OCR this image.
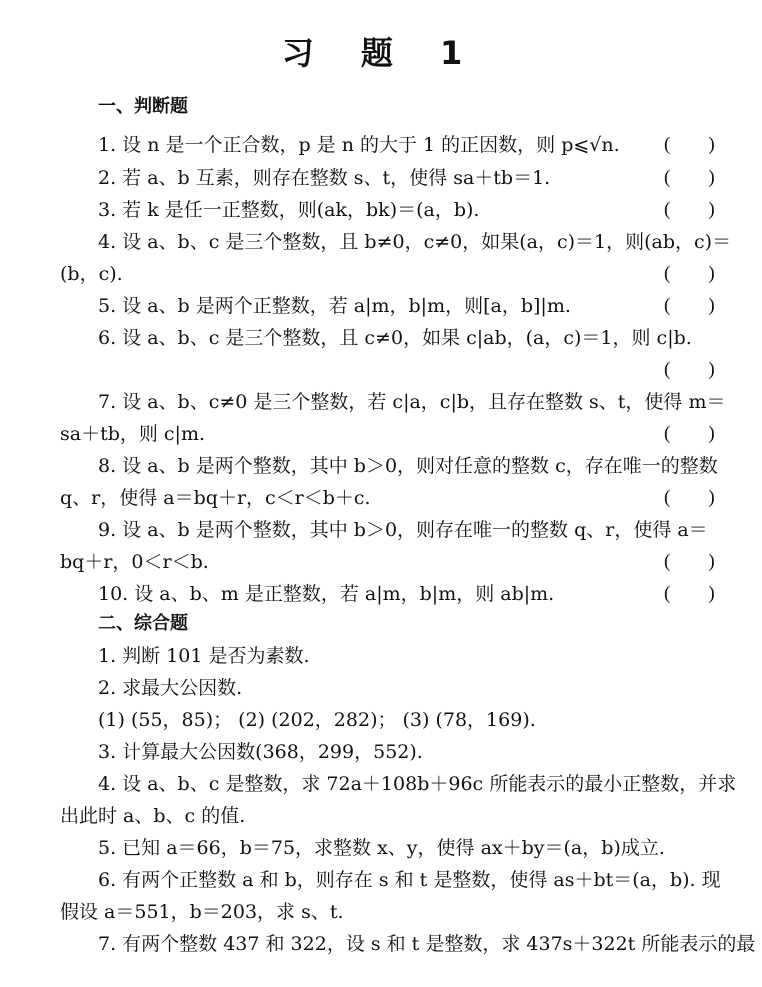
习 题 1
一、判断题
1. 设 n 是一个正合数，p 是 n 的大于 1 的正因数，则 p⩽√n. (　　)
2. 若 a、b 互素，则存在整数 s、t，使得 sa＋tb＝1.	(　　)
3. 若 k 是任一正整数，则(ak，bk)＝(a，b).	(　　)
4. 设 a、b、c 是三个整数，且 b≠0，c≠0，如果(a，c)＝1，则(ab，c)＝
(b，c).	(　　)
5. 设 a、b 是两个正整数，若 a|m，b|m，则[a，b]|m.	(　　)
6. 设 a、b、c 是三个整数，且 c≠0，如果 c|ab，(a，c)＝1，则 c|b.
(　　)
7. 设 a、b、c≠0 是三个整数，若 c|a，c|b，且存在整数 s、t，使得 m＝
sa＋tb，则 c|m.	(　　)
8. 设 a、b 是两个整数，其中 b＞0，则对任意的整数 c，存在唯一的整数
q、r，使得 a＝bq＋r，c＜r＜b＋c.	(　　)
9. 设 a、b 是两个整数，其中 b＞0，则存在唯一的整数 q、r，使得 a＝
bq＋r，0＜r＜b.	(　　)
10. 设 a、b、m 是正整数，若 a|m，b|m，则 ab|m.	(　　)
二、综合题
1. 判断 101 是否为素数.
2. 求最大公因数.
(1) (55，85)； (2) (202，282)； (3) (78，169).
3. 计算最大公因数(368，299，552).
4. 设 a、b、c 是整数，求 72a＋108b＋96c 所能表示的最小正整数，并求
出此时 a、b、c 的值.
5. 已知 a＝66，b＝75，求整数 x、y，使得 ax＋by＝(a，b)成立.
6. 有两个正整数 a 和 b，则存在 s 和 t 是整数，使得 as＋bt＝(a，b). 现
假设 a＝551，b＝203，求 s、t.
7. 有两个整数 437 和 322，设 s 和 t 是整数，求 437s＋322t 所能表示的最
